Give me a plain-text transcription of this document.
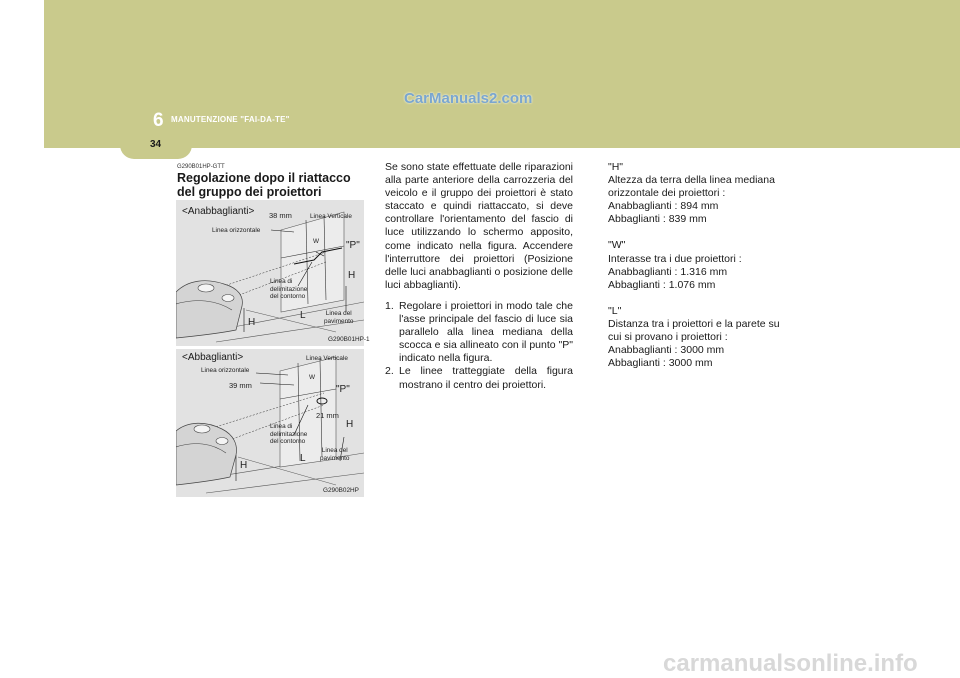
6 MANUTENZIONE "FAI-DA-TE"
34
CarManuals2.com
G290B01HP-GTT
Regolazione dopo il riattacco del gruppo dei proiettori
<Anabbaglianti> 38 mm	Linea Verticale
Linea orizzontale
W	"P"
H
Linea di
delimitazione
del contorno
H
L	Linea del
pavimento
G290B01HP-1
<Abbaglianti>	Linea Verticale
Linea orizzontale
39 mm
W
"P"
21 mm
H
Linea di
delimitazione
del contorno
H
L
Linea del
pavimento
G290B02HP

Se sono state effettuate delle riparazioni alla parte anteriore della carrozzeria del veicolo e il gruppo dei proiettori è stato staccato e quindi riattaccato, si deve controllare l'orientamento del fascio di luce utilizzando lo schermo apposito, come indicato nella figura. Accendere l'interruttore dei proiettori (Posizione delle luci anabbaglianti o posizione delle luci abbaglianti).

1. Regolare i proiettori in modo tale che l'asse principale del fascio di luce sia parallelo alla linea mediana della scocca e sia allineato con il punto "P" indicato nella figura.
2. Le linee tratteggiate della figura mostrano il centro dei proiettori.
"H"
Altezza da terra della linea mediana orizzontale dei proiettori :
Anabbaglianti : 894 mm
Abbaglianti : 839 mm
"W"
Interasse tra i due proiettori :
Anabbaglianti : 1.316 mm
Abbaglianti : 1.076 mm
"L"
Distanza tra i proiettori e la parete su cui si provano i proiettori :
Anabbaglianti : 3000 mm
Abbaglianti : 3000 mm
carmanualsonline.info
